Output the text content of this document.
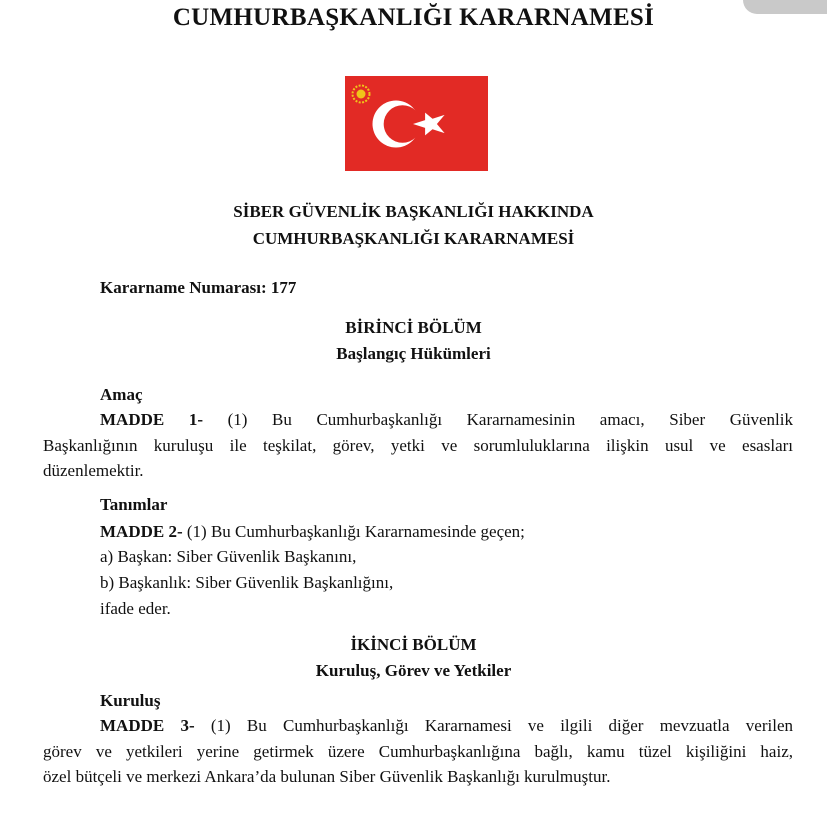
CUMHURBAŞKANLIĞI KARARNAMESİ
SİBER GÜVENLİK BAŞKANLIĞI HAKKINDA
CUMHURBAŞKANLIĞI KARARNAMESİ
Kararname Numarası: 177
BİRİNCİ BÖLÜM
Başlangıç Hükümleri
Amaç
MADDE 1- (1) Bu Cumhurbaşkanlığı Kararnamesinin amacı, Siber Güvenlik
Başkanlığının kuruluşu ile teşkilat, görev, yetki ve sorumluluklarına ilişkin usul ve esasları
düzenlemektir.
Tanımlar
MADDE 2- (1) Bu Cumhurbaşkanlığı Kararnamesinde geçen;
a) Başkan: Siber Güvenlik Başkanını,
b) Başkanlık: Siber Güvenlik Başkanlığını,
ifade eder.
İKİNCİ BÖLÜM
Kuruluş, Görev ve Yetkiler
Kuruluş
MADDE 3- (1) Bu Cumhurbaşkanlığı Kararnamesi ve ilgili diğer mevzuatla verilen
görev ve yetkileri yerine getirmek üzere Cumhurbaşkanlığına bağlı, kamu tüzel kişiliğini haiz,
özel bütçeli ve merkezi Ankara’da bulunan Siber Güvenlik Başkanlığı kurulmuştur.
